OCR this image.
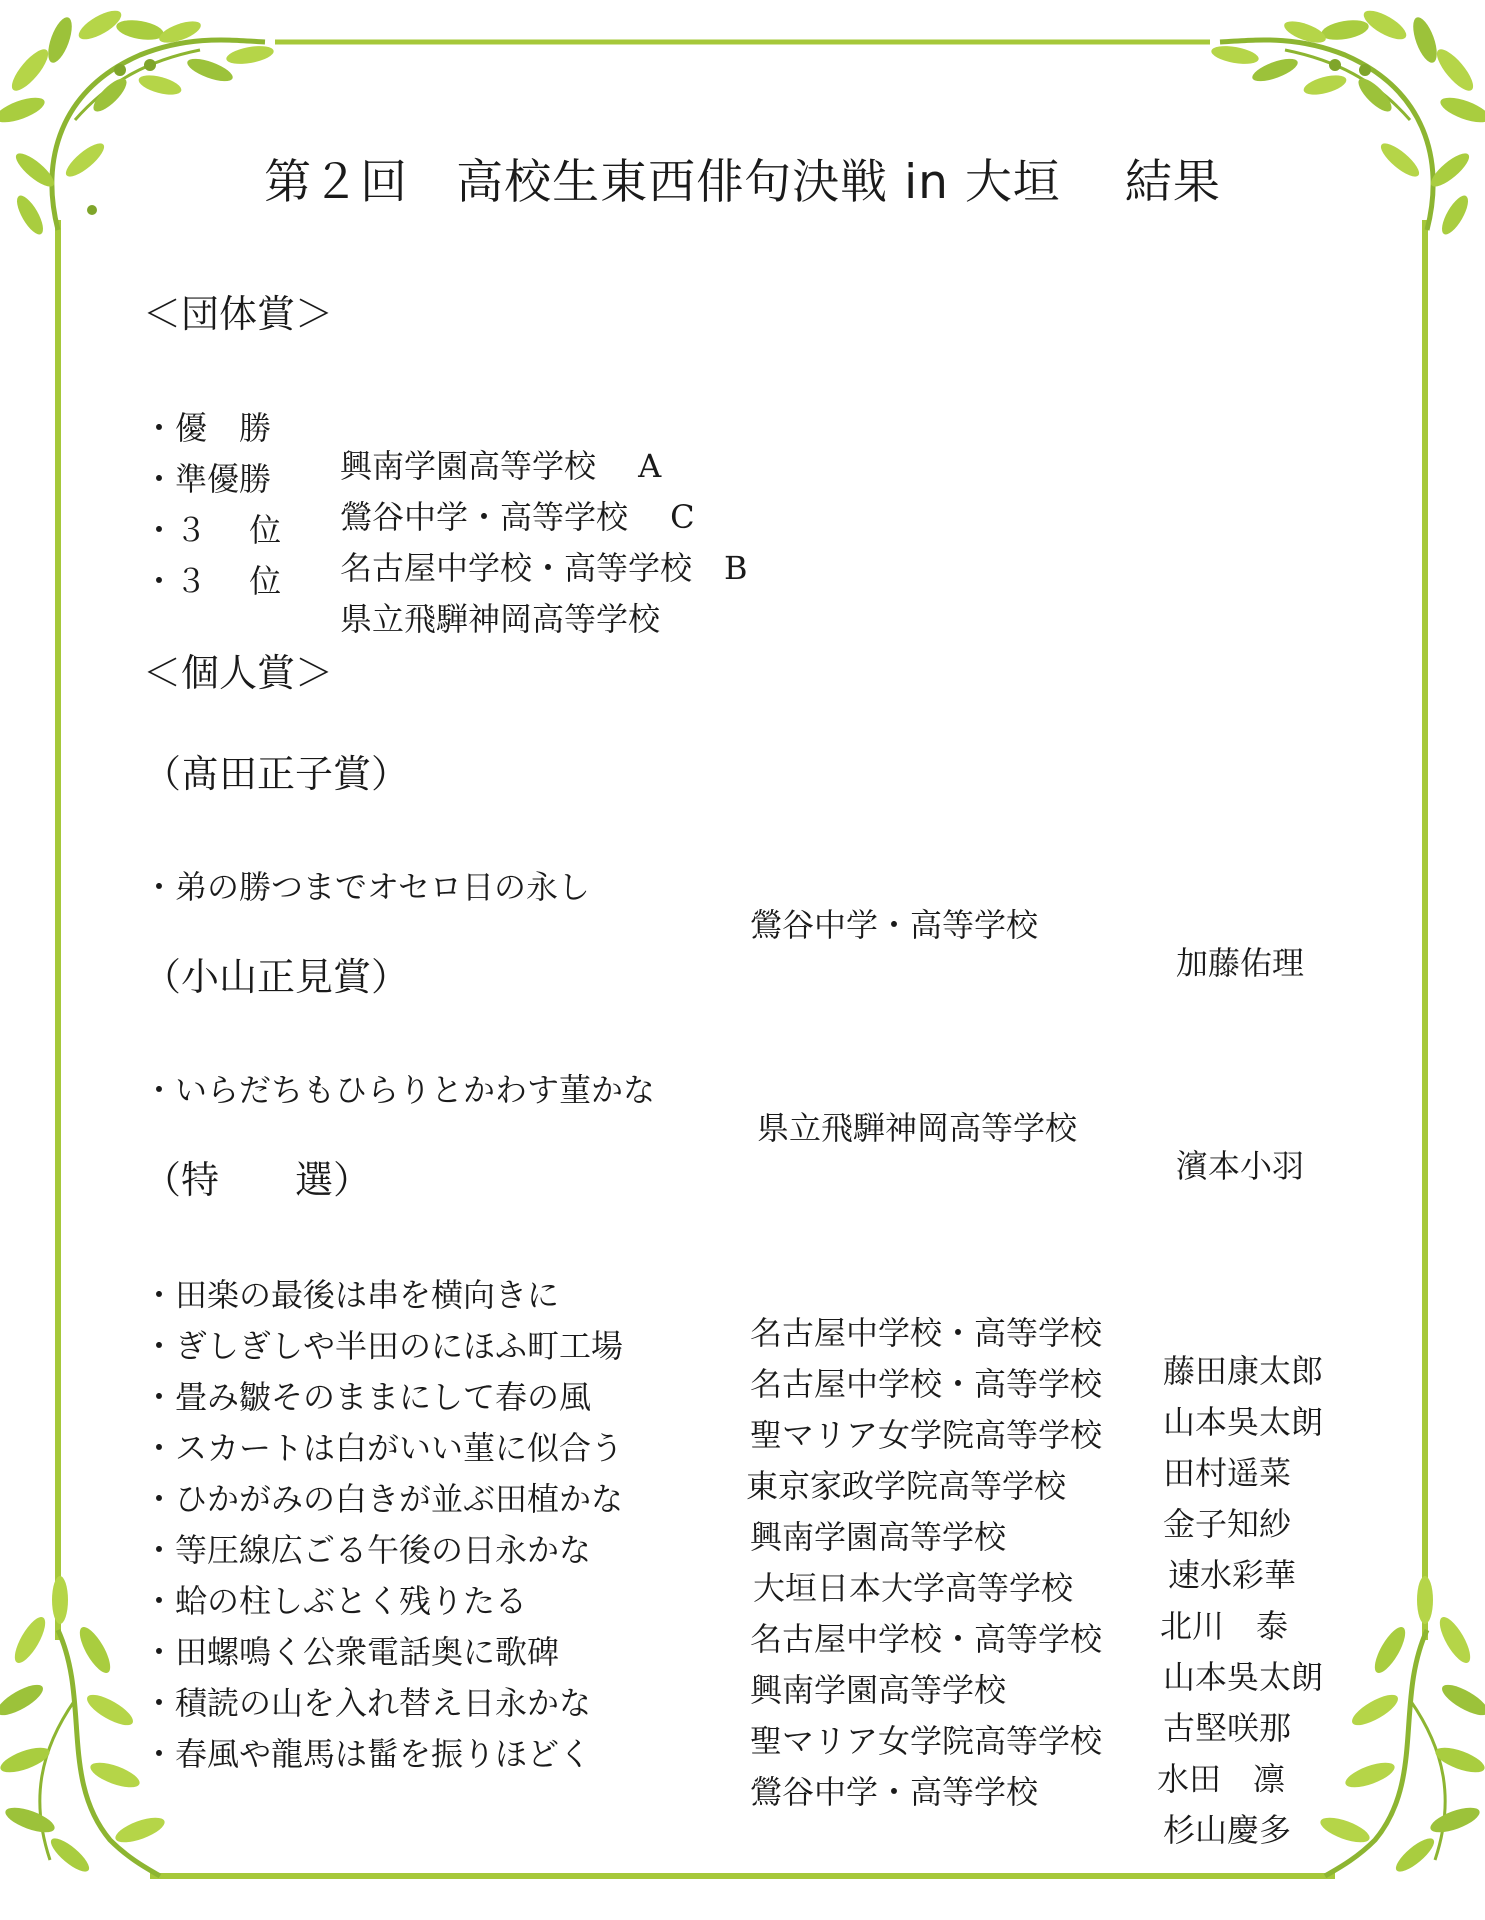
第２回　高校生東西俳句決戦 in 大垣　 結果
＜団体賞＞

・優　勝

興南学園高等学校　 A

・準優勝

鶯谷中学・高等学校　 C

・３　 位

名古屋中学校・高等学校　B

・３　 位

県立飛騨神岡高等学校

＜個人賞＞
（髙田正子賞）

・弟の勝つまでオセロ日の永し

鶯谷中学・高等学校

加藤佑理

（小山正見賞）

・いらだちもひらりとかわす菫かな

県立飛騨神岡高等学校

濱本小羽

（特　　選）

・田楽の最後は串を横向きに

名古屋中学校・高等学校

藤田康太郎

・ぎしぎしや半田のにほふ町工場

名古屋中学校・高等学校

山本吳太朗

・畳み皺そのままにして春の風

聖マリア女学院高等学校

田村遥菜

・スカートは白がいい菫に似合う

東京家政学院高等学校

金子知紗

・ひかがみの白きが並ぶ田植かな

興南学園高等学校

速水彩華

・等圧線広ごる午後の日永かな

大垣日本大学高等学校

北川　泰

・蛤の柱しぶとく残りたる

名古屋中学校・高等学校

山本吳太朗

・田螺鳴く公衆電話奥に歌碑

興南学園高等学校

古堅咲那

・積読の山を入れ替え日永かな

聖マリア女学院高等学校

水田　凛

・春風や龍馬は髷を振りほどく

鶯谷中学・高等学校

杉山慶多
